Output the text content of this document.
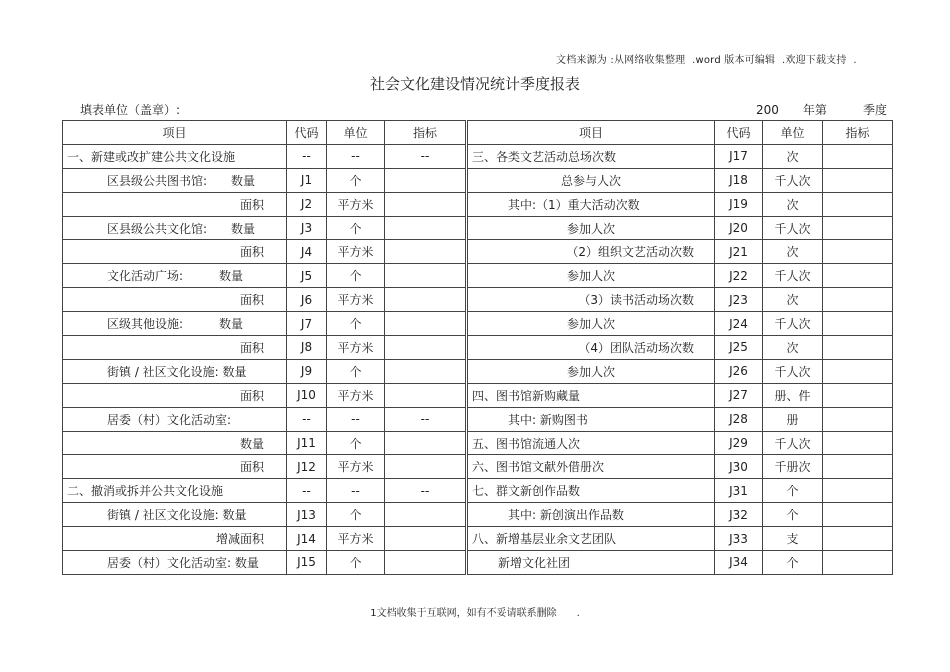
文档来源为 :从网络收集整理  .word 版本可编辑  .欢迎下载支持  .
社会文化建设情况统计季度报表
填表单位（盖章）:	200　　 年第　　　	季度
项目	代码	单位	指标	项目	代码	单位	指标
一、新建或改扩建公共文化设施	--	--	--	三、各类文艺活动总场次数	J17	次	
区县级公共图书馆:　　数量	J1	个		总参与人次	J18	千人次	
面积	J2	平方米		其中:（1）重大活动次数	J19	次	
区县级公共文化馆:　　数量	J3	个		参加人次	J20	千人次	
面积	J4	平方米		（2）组织文艺活动次数	J21	次	
文化活动广场:　　　数量	J5	个		参加人次	J22	千人次	
面积	J6	平方米		（3）读书活动场次数	J23	次	
区级其他设施:　　　数量	J7	个		参加人次	J24	千人次	
面积	J8	平方米		（4）团队活动场次数	J25	次	
街镇 / 社区文化设施: 数量	J9	个		参加人次	J26	千人次	
面积	J10	平方米		四、图书馆新购藏量	J27	册、件	
居委（村）文化活动室:	--	--	--	其中: 新购图书	J28	册	
数量	J11	个		五、图书馆流通人次	J29	千人次	
面积	J12	平方米		六、图书馆文献外借册次	J30	千册次	
二、撤消或拆并公共文化设施	--	--	--	七、群文新创作品数	J31	个	
街镇 / 社区文化设施: 数量	J13	个		其中: 新创演出作品数	J32	个	
增减面积	J14	平方米		八、新增基层业余文艺团队	J33	支	
居委（村）文化活动室: 数量	J15	个		新增文化社团	J34	个	
1文档收集于互联网，如有不妥请联系删除　　.
